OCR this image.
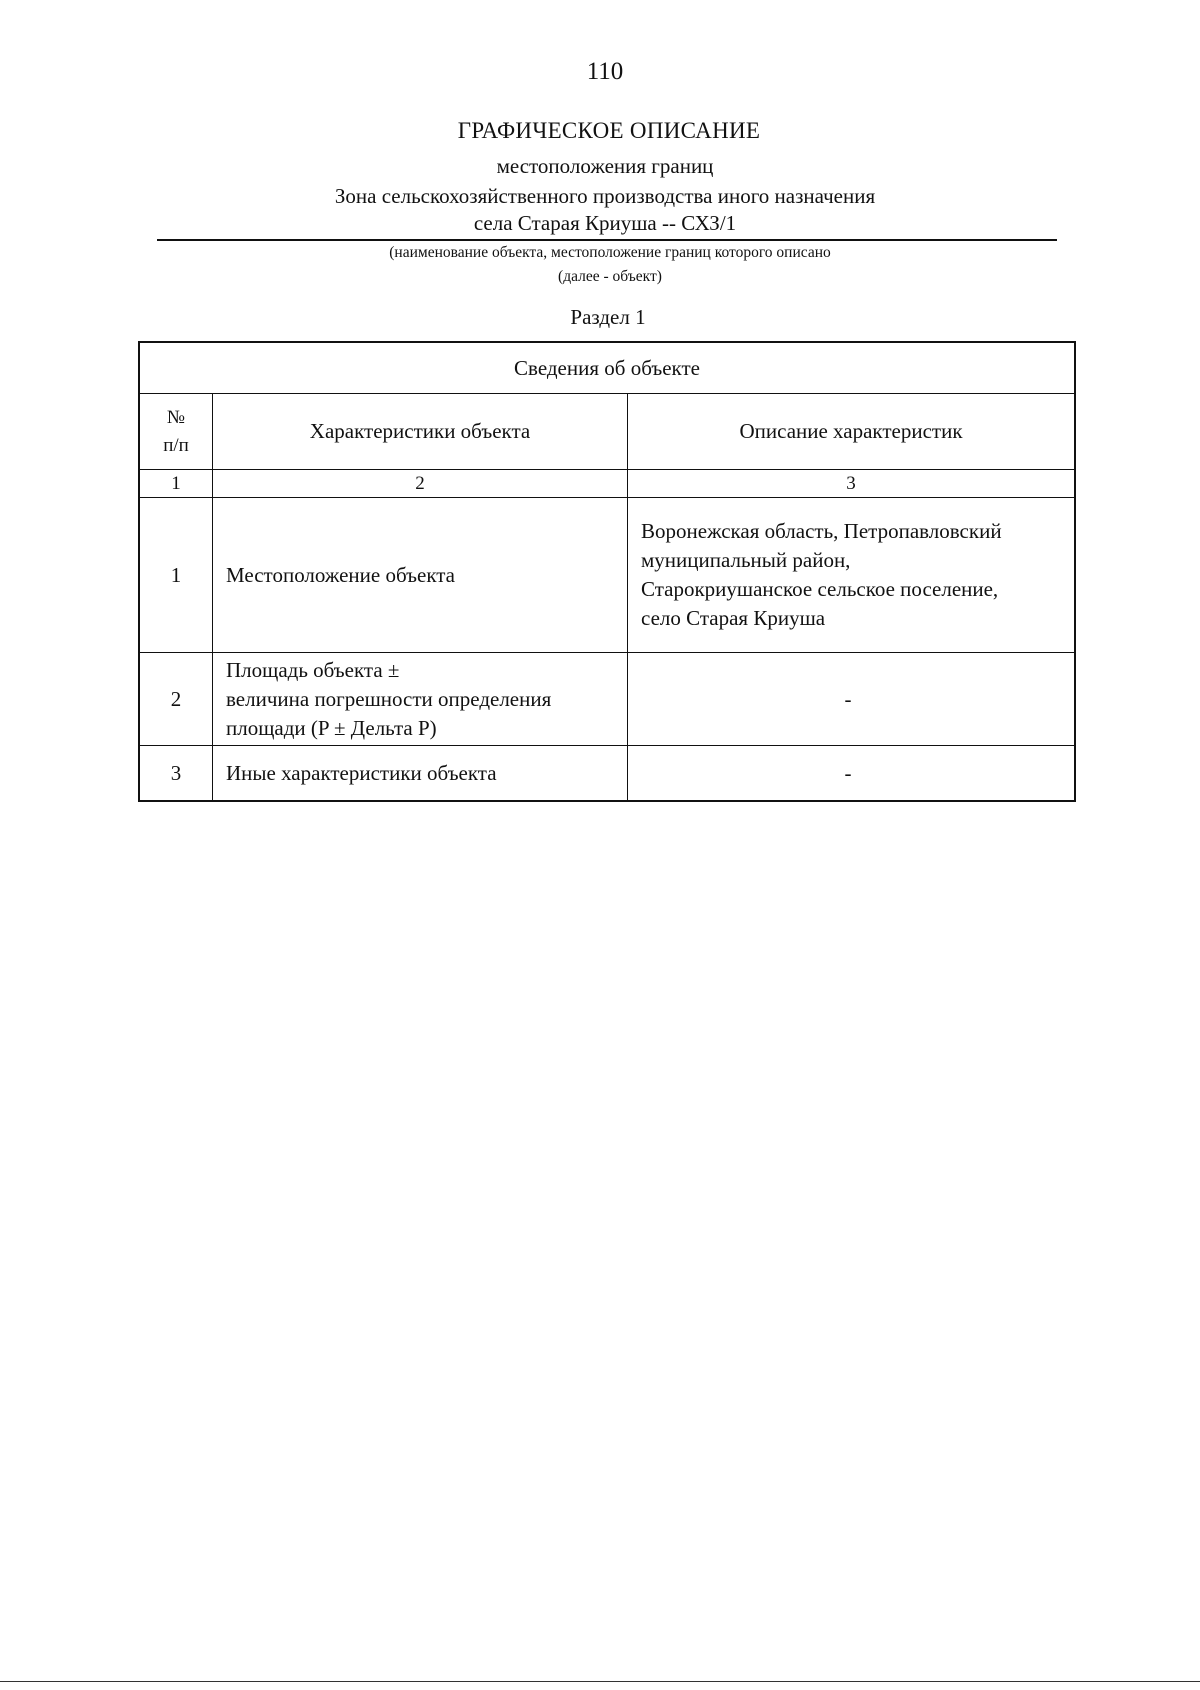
110
ГРАФИЧЕСКОЕ ОПИСАНИЕ
местоположения границ
Зона сельскохозяйственного производства иного назначения
села Старая Криуша -- СХЗ/1
(наименование объекта, местоположение границ которого описано
(далее - объект)
Раздел 1
Сведения об объекте		
№
п/п	Характеристики объекта	Описание характеристик
1	2	3
1	Местоположение объекта	Воронежская область, Петропавловский
муниципальный район,
Старокриушанское сельское поселение,
село Старая Криуша
2	Площадь объекта ±
величина погрешности определения
площади (P ± Дельта P)	-
3	Иные характеристики объекта	-
